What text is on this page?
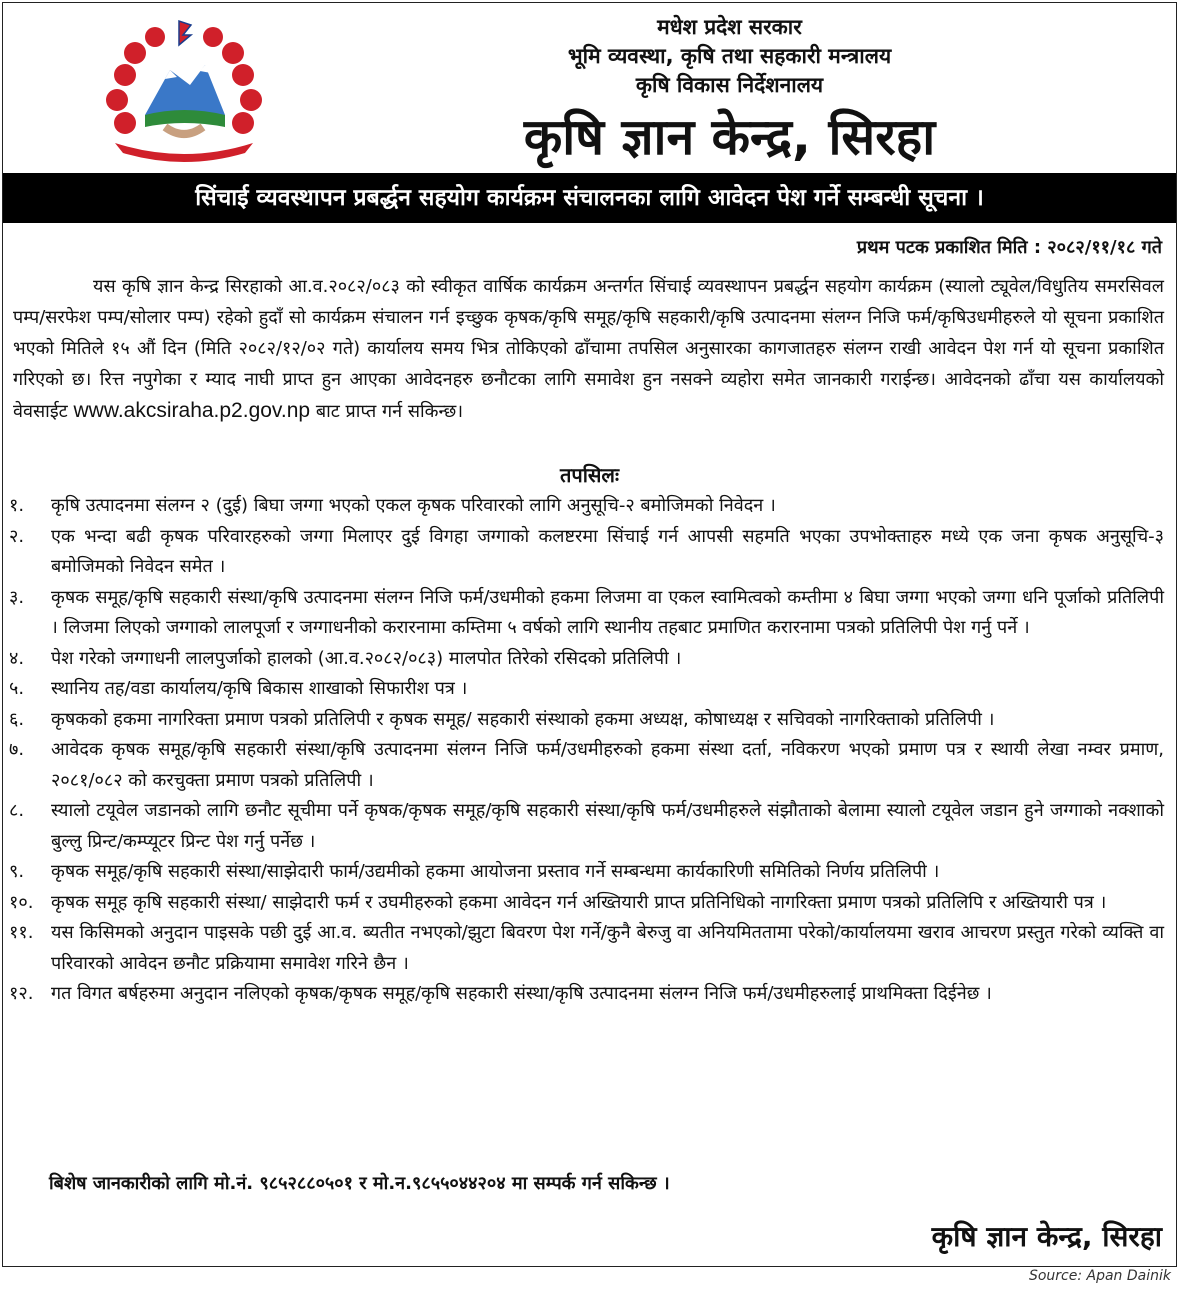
मधेश प्रदेश सरकार
भूमि व्यवस्था, कृषि तथा सहकारी मन्त्रालय
कृषि विकास निर्देशनालय
कृषि ज्ञान केन्द्र, सिरहा
सिंचाई व्यवस्थापन प्रबर्द्धन सहयोग कार्यक्रम संचालनका लागि आवेदन पेश गर्ने सम्बन्धी सूचना ।
प्रथम पटक प्रकाशित मिति : २०८२/११/१८ गते
यस कृषि ज्ञान केन्द्र सिरहाको आ.व.२०८२/०८३ को स्वीकृत वार्षिक कार्यक्रम अन्तर्गत सिंचाई व्यवस्थापन प्रबर्द्धन सहयोग कार्यक्रम (स्यालो ट्यूवेल/विधुतिय समरसिवल पम्प/सरफेश पम्प/सोलार पम्प) रहेको हुदाँ सो कार्यक्रम संचालन गर्न इच्छुक कृषक/कृषि समूह/कृषि सहकारी/कृषि उत्पादनमा संलग्न निजि फर्म/कृषिउधमीहरुले यो सूचना प्रकाशित भएको मितिले १५ औं दिन (मिति २०८२/१२/०२ गते) कार्यालय समय भित्र तोकिएको ढाँचामा तपसिल अनुसारका कागजातहरु संलग्न राखी आवेदन पेश गर्न यो सूचना प्रकाशित गरिएको छ। रित्त नपुगेका र म्याद नाघी प्राप्त हुन आएका आवेदनहरु छनौटका लागि समावेश हुन नसक्ने व्यहोरा समेत जानकारी गराईन्छ। आवेदनको ढाँचा यस कार्यालयको वेवसाईट www.akcsiraha.p2.gov.np बाट प्राप्त गर्न सकिन्छ।
तपसिलः
१.	कृषि उत्पादनमा संलग्न २ (दुई) बिघा जग्गा भएको एकल कृषक परिवारको लागि अनुसूचि-२ बमोजिमको निवेदन ।
२.	एक भन्दा बढी कृषक परिवारहरुको जग्गा मिलाएर दुई विगहा जग्गाको कलष्टरमा सिंचाई गर्न आपसी सहमति भएका उपभोक्ताहरु मध्ये एक जना कृषक अनुसूचि-३ बमोजिमको निवेदन समेत ।
३.	कृषक समूह/कृषि सहकारी संस्था/कृषि उत्पादनमा संलग्न निजि फर्म/उधमीको हकमा लिजमा वा एकल स्वामित्वको कम्तीमा ४ बिघा जग्गा भएको जग्गा धनि पूर्जाको प्रतिलिपी । लिजमा लिएको जग्गाको लालपूर्जा र जग्गाधनीको करारनामा कम्तिमा ५ वर्षको लागि स्थानीय तहबाट प्रमाणित करारनामा पत्रको प्रतिलिपी पेश गर्नु पर्ने ।
४.	पेश गरेको जग्गाधनी लालपुर्जाको हालको (आ.व.२०८२/०८३) मालपोत तिरेको रसिदको प्रतिलिपी ।
५.	स्थानिय तह/वडा कार्यालय/कृषि बिकास शाखाको सिफारीश पत्र ।
६.	कृषकको हकमा नागरिक्ता प्रमाण पत्रको प्रतिलिपी र कृषक समूह/ सहकारी संस्थाको हकमा अध्यक्ष, कोषाध्यक्ष र सचिवको नागरिक्ताको प्रतिलिपी ।
७.	आवेदक कृषक समूह/कृषि सहकारी संस्था/कृषि उत्पादनमा संलग्न निजि फर्म/उधमीहरुको हकमा संस्था दर्ता, नविकरण भएको प्रमाण पत्र र स्थायी लेखा नम्वर प्रमाण, २०८१/०८२ को करचुक्ता प्रमाण पत्रको प्रतिलिपी ।
८.	स्यालो टयूवेल जडानको लागि छनौट सूचीमा पर्ने कृषक/कृषक समूह/कृषि सहकारी संस्था/कृषि फर्म/उधमीहरुले संझौताको बेलामा स्यालो टयूवेल जडान हुने जग्गाको नक्शाको बुल्लु प्रिन्ट/कम्प्यूटर प्रिन्ट पेश गर्नु पर्नेछ ।
९.	कृषक समूह/कृषि सहकारी संस्था/साझेदारी फार्म/उद्यमीको हकमा आयोजना प्रस्ताव गर्ने सम्बन्धमा कार्यकारिणी समितिको निर्णय प्रतिलिपी ।
१०. कृषक समूह कृषि सहकारी संस्था/ साझेदारी फर्म र उघमीहरुको हकमा आवेदन गर्न अख्तियारी प्राप्त प्रतिनिधिको नागरिक्ता प्रमाण पत्रको प्रतिलिपि र अख्तियारी पत्र ।
११. यस किसिमको अनुदान पाइसके पछी दुई आ.व. ब्यतीत नभएको/झुटा बिवरण पेश गर्ने/कुनै बेरुजु वा अनियमिततामा परेको/कार्यालयमा खराव आचरण प्रस्तुत गरेको व्यक्ति वा परिवारको आवेदन छनौट प्रक्रियामा समावेश गरिने छैन ।
१२. गत विगत बर्षहरुमा अनुदान नलिएको कृषक/कृषक समूह/कृषि सहकारी संस्था/कृषि उत्पादनमा संलग्न निजि फर्म/उधमीहरुलाई प्राथमिक्ता दिईनेछ ।
बिशेष जानकारीको लागि मो.नं. ९८५२८८०५०१ र मो.न.९८५५०४४२०४ मा सम्पर्क गर्न सकिन्छ ।
कृषि ज्ञान केन्द्र, सिरहा
Source: Apan Dainik
